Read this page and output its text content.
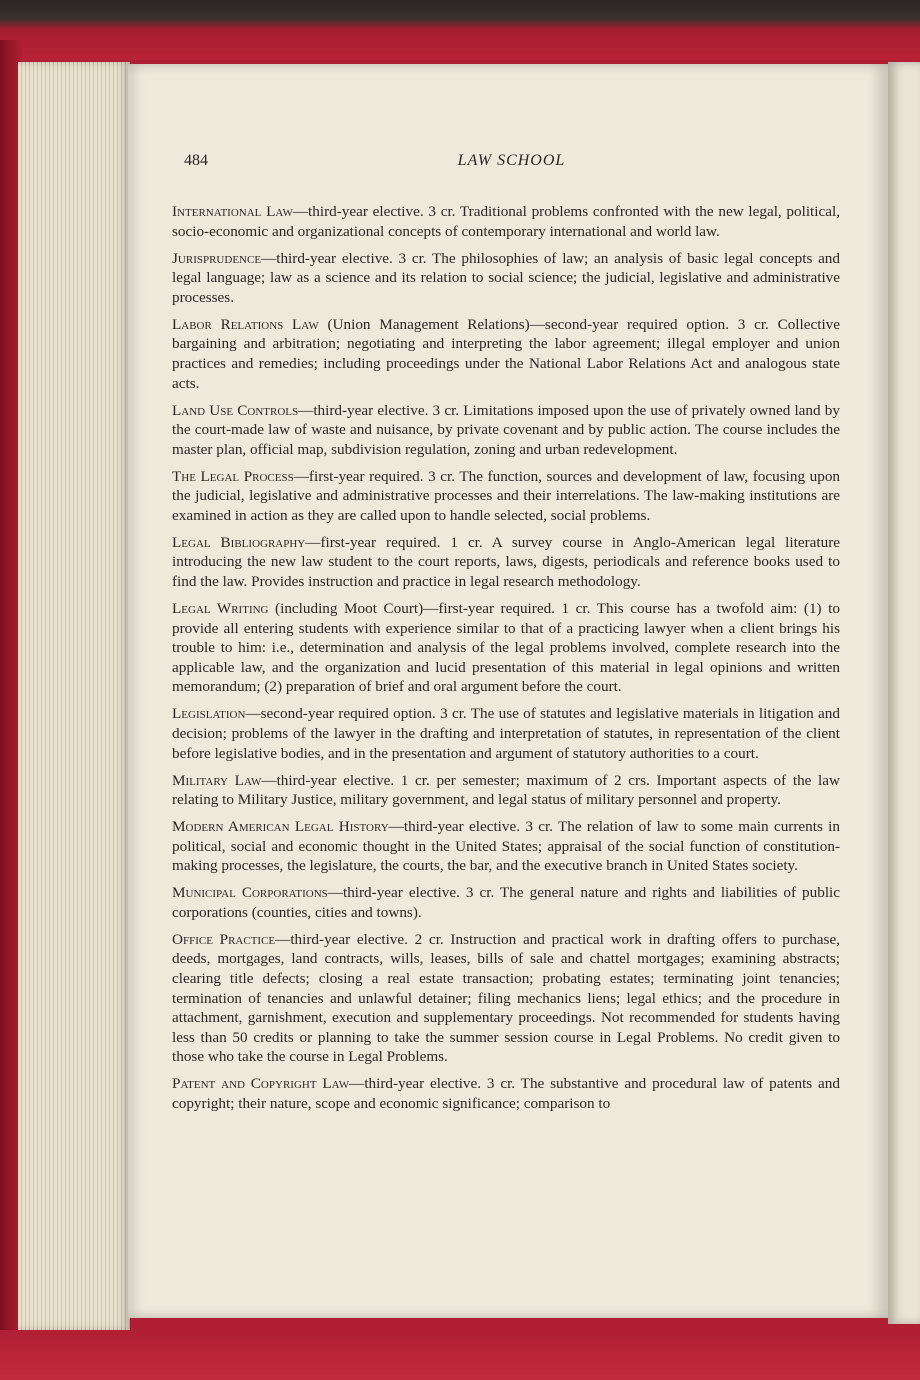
484	LAW SCHOOL

International Law—third-year elective. 3 cr. Traditional problems confronted with the new legal, political, socio-economic and organizational concepts of contemporary international and world law.

Jurisprudence—third-year elective. 3 cr. The philosophies of law; an analysis of basic legal concepts and legal language; law as a science and its relation to social science; the judicial, legislative and administrative processes.

Labor Relations Law (Union Management Relations)—second-year required option. 3 cr. Collective bargaining and arbitration; negotiating and interpreting the labor agreement; illegal employer and union practices and remedies; including proceedings under the National Labor Relations Act and analogous state acts.

Land Use Controls—third-year elective. 3 cr. Limitations imposed upon the use of privately owned land by the court-made law of waste and nuisance, by private covenant and by public action. The course includes the master plan, official map, subdivision regulation, zoning and urban redevelopment.

The Legal Process—first-year required. 3 cr. The function, sources and development of law, focusing upon the judicial, legislative and administrative processes and their interrelations. The law-making institutions are examined in action as they are called upon to handle selected, social problems.

Legal Bibliography—first-year required. 1 cr. A survey course in Anglo-American legal literature introducing the new law student to the court reports, laws, digests, periodicals and reference books used to find the law. Provides instruction and practice in legal research methodology.

Legal Writing (including Moot Court)—first-year required. 1 cr. This course has a twofold aim: (1) to provide all entering students with experience similar to that of a practicing lawyer when a client brings his trouble to him: i.e., determination and analysis of the legal problems involved, complete research into the applicable law, and the organization and lucid presentation of this material in legal opinions and written memorandum; (2) preparation of brief and oral argument before the court.

Legislation—second-year required option. 3 cr. The use of statutes and legislative materials in litigation and decision; problems of the lawyer in the drafting and interpretation of statutes, in representation of the client before legislative bodies, and in the presentation and argument of statutory authorities to a court.

Military Law—third-year elective. 1 cr. per semester; maximum of 2 crs. Important aspects of the law relating to Military Justice, military government, and legal status of military personnel and property.

Modern American Legal History—third-year elective. 3 cr. The relation of law to some main currents in political, social and economic thought in the United States; appraisal of the social function of constitution-making processes, the legislature, the courts, the bar, and the executive branch in United States society.

Municipal Corporations—third-year elective. 3 cr. The general nature and rights and liabilities of public corporations (counties, cities and towns).

Office Practice—third-year elective. 2 cr. Instruction and practical work in drafting offers to purchase, deeds, mortgages, land contracts, wills, leases, bills of sale and chattel mortgages; examining abstracts; clearing title defects; closing a real estate transaction; probating estates; terminating joint tenancies; termination of tenancies and unlawful detainer; filing mechanics liens; legal ethics; and the procedure in attachment, garnishment, execution and supplementary proceedings. Not recommended for students having less than 50 credits or planning to take the summer session course in Legal Problems. No credit given to those who take the course in Legal Problems.

Patent and Copyright Law—third-year elective. 3 cr. The substantive and procedural law of patents and copyright; their nature, scope and economic significance; comparison to
